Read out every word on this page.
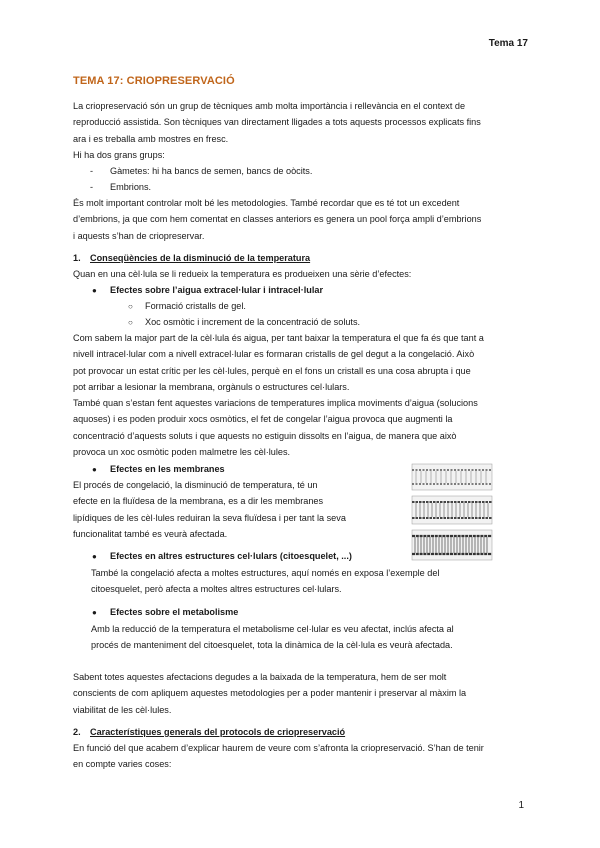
Tema 17
TEMA 17: CRIOPRESERVACIÓ
La criopreservació són un grup de tècniques amb molta importància i rellevància en el context de
reproducció assistida. Son tècniques van directament lligades a tots aquests processos explicats fins
ara i es treballa amb mostres en fresc.
Hi ha dos grans grups:
- Gàmetes: hi ha bancs de semen, bancs de oòcits.
- Embrions.
És molt important controlar molt bé les metodologies. També recordar que es té tot un excedent
d’embrions, ja que com hem comentat en classes anteriors es genera un pool força ampli d’embrions
i aquests s’han de criopreservar.
1. Conseqüències de la disminució de la temperatura
Quan en una cèl·lula se li redueix la temperatura es produeixen una sèrie d’efectes:
● Efectes sobre l’aigua extracel·lular i intracel·lular
○ Formació cristalls de gel.
○ Xoc osmòtic i increment de la concentració de soluts.
Com sabem la major part de la cèl·lula és aigua, per tant baixar la temperatura el que fa és que tant a
nivell intracel·lular com a nivell extracel·lular es formaran cristalls de gel degut a la congelació. Això
pot provocar un estat crític per les cèl·lules, perquè en el fons un cristall es una cosa abrupta i que
pot arribar a lesionar la membrana, orgànuls o estructures cel·lulars.
També quan s’estan fent aquestes variacions de temperatures implica moviments d’aigua (solucions
aquoses) i es poden produir xocs osmòtics, el fet de congelar l’aigua provoca que augmenti la
concentració d’aquests soluts i que aquests no estiguin dissolts en l’aigua, de manera que això
provoca un xoc osmòtic poden malmetre les cèl·lules.
● Efectes en les membranes
El procés de congelació, la disminució de temperatura, té un
efecte en la fluïdesa de la membrana, es a dir les membranes
lipídiques de les cèl·lules reduiran la seva fluïdesa i per tant la seva
funcionalitat també es veurà afectada.
● Efectes en altres estructures cel·lulars (citoesquelet, ...)
També la congelació afecta a moltes estructures, aquí només en exposa l’exemple del
citoesquelet, però afecta a moltes altres estructures cel·lulars.
● Efectes sobre el metabolisme
Amb la reducció de la temperatura el metabolisme cel·lular es veu afectat, inclús afecta al
procés de manteniment del citoesquelet, tota la dinàmica de la cèl·lula es veurà afectada.
Sabent totes aquestes afectacions degudes a la baixada de la temperatura, hem de ser molt
conscients de com apliquem aquestes metodologies per a poder mantenir i preservar al màxim la
viabilitat de les cèl·lules.
2. Característiques generals del protocols de criopreservació
En funció del que acabem d’explicar haurem de veure com s’afronta la criopreservació. S’han de tenir
en compte varies coses:
1
